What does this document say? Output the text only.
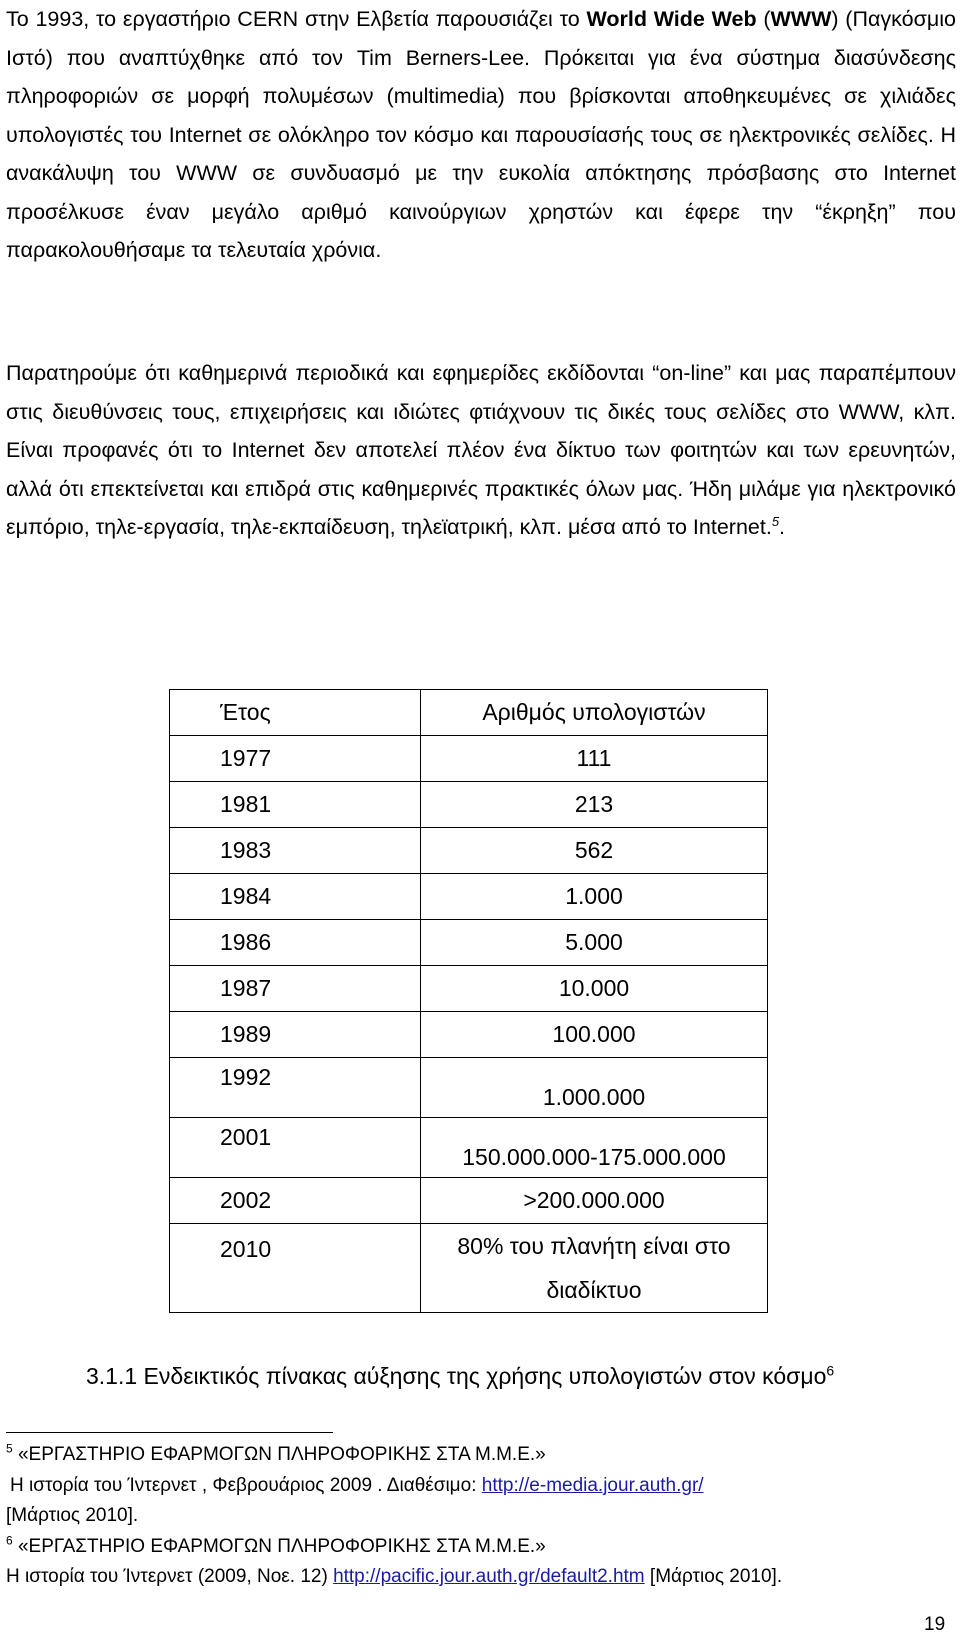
Το 1993, το εργαστήριο CERN στην Ελβετία παρουσιάζει το World Wide Web (WWW) (Παγκόσμιο Ιστό) που αναπτύχθηκε από τον Tim Berners-Lee. Πρόκειται για ένα σύστημα διασύνδεσης πληροφοριών σε μορφή πολυμέσων (multimedia) που βρίσκονται αποθηκευμένες σε χιλιάδες υπολογιστές του Internet σε ολόκληρο τον κόσμο και παρουσίασής τους σε ηλεκτρονικές σελίδες. Η ανακάλυψη του WWW σε συνδυασμό με την ευκολία απόκτησης πρόσβασης στο Internet προσέλκυσε έναν μεγάλο αριθμό καινούργιων χρηστών και έφερε την “έκρηξη” που παρακολουθήσαμε τα τελευταία χρόνια.

Παρατηρούμε ότι καθημερινά περιοδικά και εφημερίδες εκδίδονται “on-line” και μας παραπέμπουν στις διευθύνσεις τους, επιχειρήσεις και ιδιώτες φτιάχνουν τις δικές τους σελίδες στο WWW, κλπ. Είναι προφανές ότι το Internet δεν αποτελεί πλέον ένα δίκτυο των φοιτητών και των ερευνητών, αλλά ότι επεκτείνεται και επιδρά στις καθημερινές πρακτικές όλων μας. Ήδη μιλάμε για ηλεκτρονικό εμπόριο, τηλε-εργασία, τηλε-εκπαίδευση, τηλεϊατρική, κλπ. μέσα από το Internet.$^5$.

Έτος	Αριθμός υπολογιστών
1977	111
1981	213
1983	562
1984	1.000
1986	5.000
1987	10.000
1989	100.000
1992	1.000.000
2001	150.000.000-175.000.000
2002	>200.000.000
2010	80% του πλανήτη είναι στο διαδίκτυο
3.1.1 Ενδεικτικός πίνακας αύξησης της χρήσης υπολογιστών στον κόσμο$^6$
$^5$ «ΕΡΓΑΣΤΗΡΙΟ ΕΦΑΡΜΟΓΩΝ ΠΛΗΡΟΦΟΡΙΚΗΣ ΣΤΑ Μ.Μ.Ε.»
Η ιστορία του Ίντερνετ , Φεβρουάριος 2009 . Διαθέσιμο: http://e-media.jour.auth.gr/
[Μάρτιος 2010].
$^6$ «ΕΡΓΑΣΤΗΡΙΟ ΕΦΑΡΜΟΓΩΝ ΠΛΗΡΟΦΟΡΙΚΗΣ ΣΤΑ Μ.Μ.Ε.»
Η ιστορία του Ίντερνετ (2009, Νοε. 12) http://pacific.jour.auth.gr/default2.htm [Μάρτιος 2010].
19
